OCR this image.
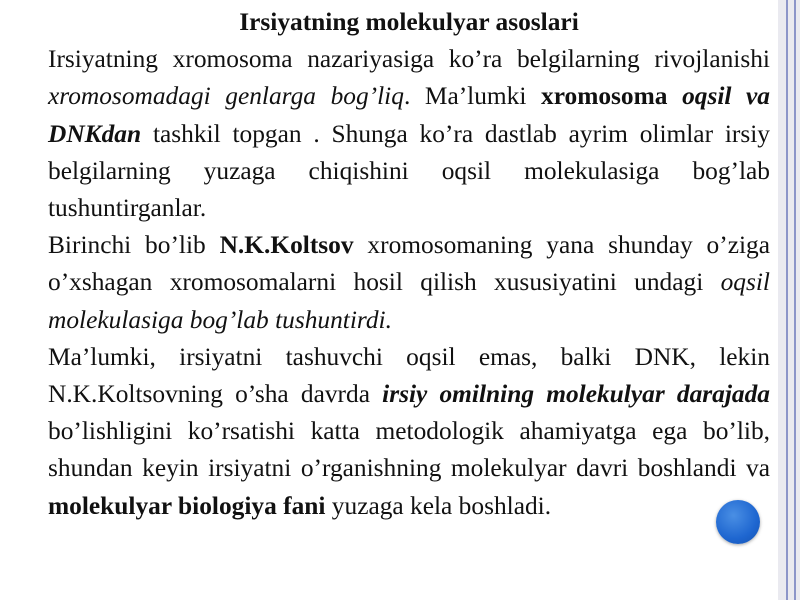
Irsiyatning molekulyar asoslari

Irsiyatning xromosoma nazariyasiga ko’ra belgilarning rivojlanishi xromosomadagi genlarga bog’liq. Ma’lumki xromosoma oqsil va DNKdan tashkil topgan . Shunga ko’ra dastlab ayrim olimlar irsiy belgilarning yuzaga chiqishini oqsil molekulasiga bog’lab tushuntirganlar.

Birinchi bo’lib N.K.Koltsov xromosomaning yana shunday o’ziga o’xshagan xromosomalarni hosil qilish xususiyatini undagi oqsil molekulasiga bog’lab tushuntirdi.

Ma’lumki, irsiyatni tashuvchi oqsil emas, balki DNK, lekin N.K.Koltsovning o’sha davrda irsiy omilning molekulyar darajada bo’lishligini ko’rsatishi katta metodologik ahamiyatga ega bo’lib, shundan keyin irsiyatni o’rganishning molekulyar davri boshlandi va molekulyar biologiya fani yuzaga kela boshladi.
